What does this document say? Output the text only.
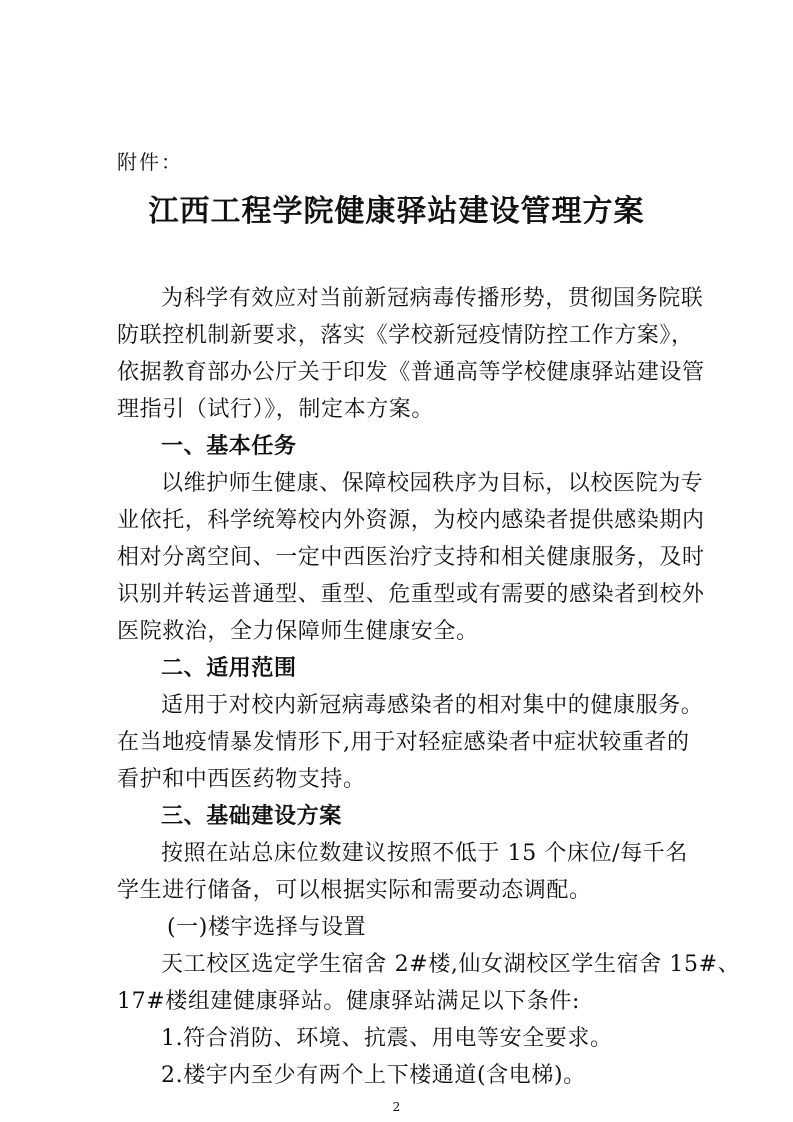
附件：
江西工程学院健康驿站建设管理方案
为科学有效应对当前新冠病毒传播形势，贯彻国务院联
防联控机制新要求，落实《学校新冠疫情防控工作方案》，
依据教育部办公厅关于印发《普通高等学校健康驿站建设管
理指引（试行）》，制定本方案。
一、基本任务
以维护师生健康、保障校园秩序为目标，以校医院为专
业依托，科学统筹校内外资源，为校内感染者提供感染期内
相对分离空间、一定中西医治疗支持和相关健康服务，及时
识别并转运普通型、重型、危重型或有需要的感染者到校外
医院救治，全力保障师生健康安全。
二、适用范围
适用于对校内新冠病毒感染者的相对集中的健康服务。
在当地疫情暴发情形下,用于对轻症感染者中症状较重者的
看护和中西医药物支持。
三、基础建设方案
按照在站总床位数建议按照不低于 15 个床位/每千名
学生进行储备，可以根据实际和需要动态调配。
(一)楼宇选择与设置
天工校区选定学生宿舍 2#楼,仙女湖校区学生宿舍 15#、
17#楼组建健康驿站。健康驿站满足以下条件:
1.符合消防、环境、抗震、用电等安全要求。
2.楼宇内至少有两个上下楼通道(含电梯)。
2
